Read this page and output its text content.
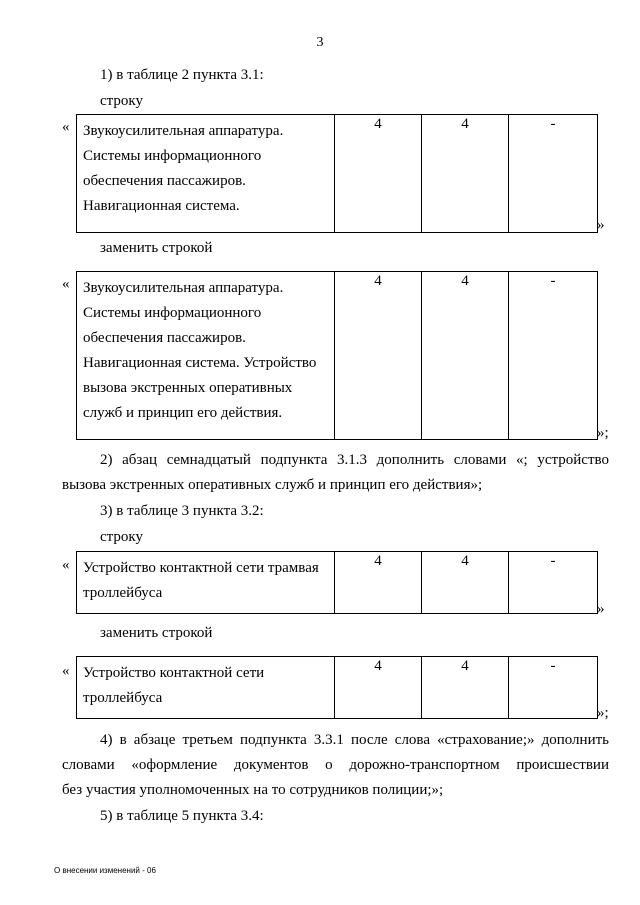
3
1) в таблице 2 пункта 3.1:
строку
« Звукоусилительная аппаратура.
Системы информационного
обеспечения пассажиров.
Навигационная система.
	4	4	-
»
заменить строкой
« Звукоусилительная аппаратура.
Системы информационного
обеспечения пассажиров.
Навигационная система. Устройство
вызова экстренных оперативных
служб и принцип его действия.
	4	4	-
»;
2) абзац семнадцатый подпункта 3.1.3 дополнить словами «; устройство
вызова экстренных оперативных служб и принцип его действия»;
3) в таблице 3 пункта 3.2:
строку
« Устройство контактной сети трамвая
троллейбуса
	4	4	-
»
заменить строкой
« Устройство контактной сети
троллейбуса
	4	4	-
»;
4) в абзаце третьем подпункта 3.3.1 после слова «страхование;» дополнить
словами «оформление документов о дорожно-транспортном происшествии
без участия уполномоченных на то сотрудников полиции;»;
5) в таблице 5 пункта 3.4:
О внесении изменений - 06
